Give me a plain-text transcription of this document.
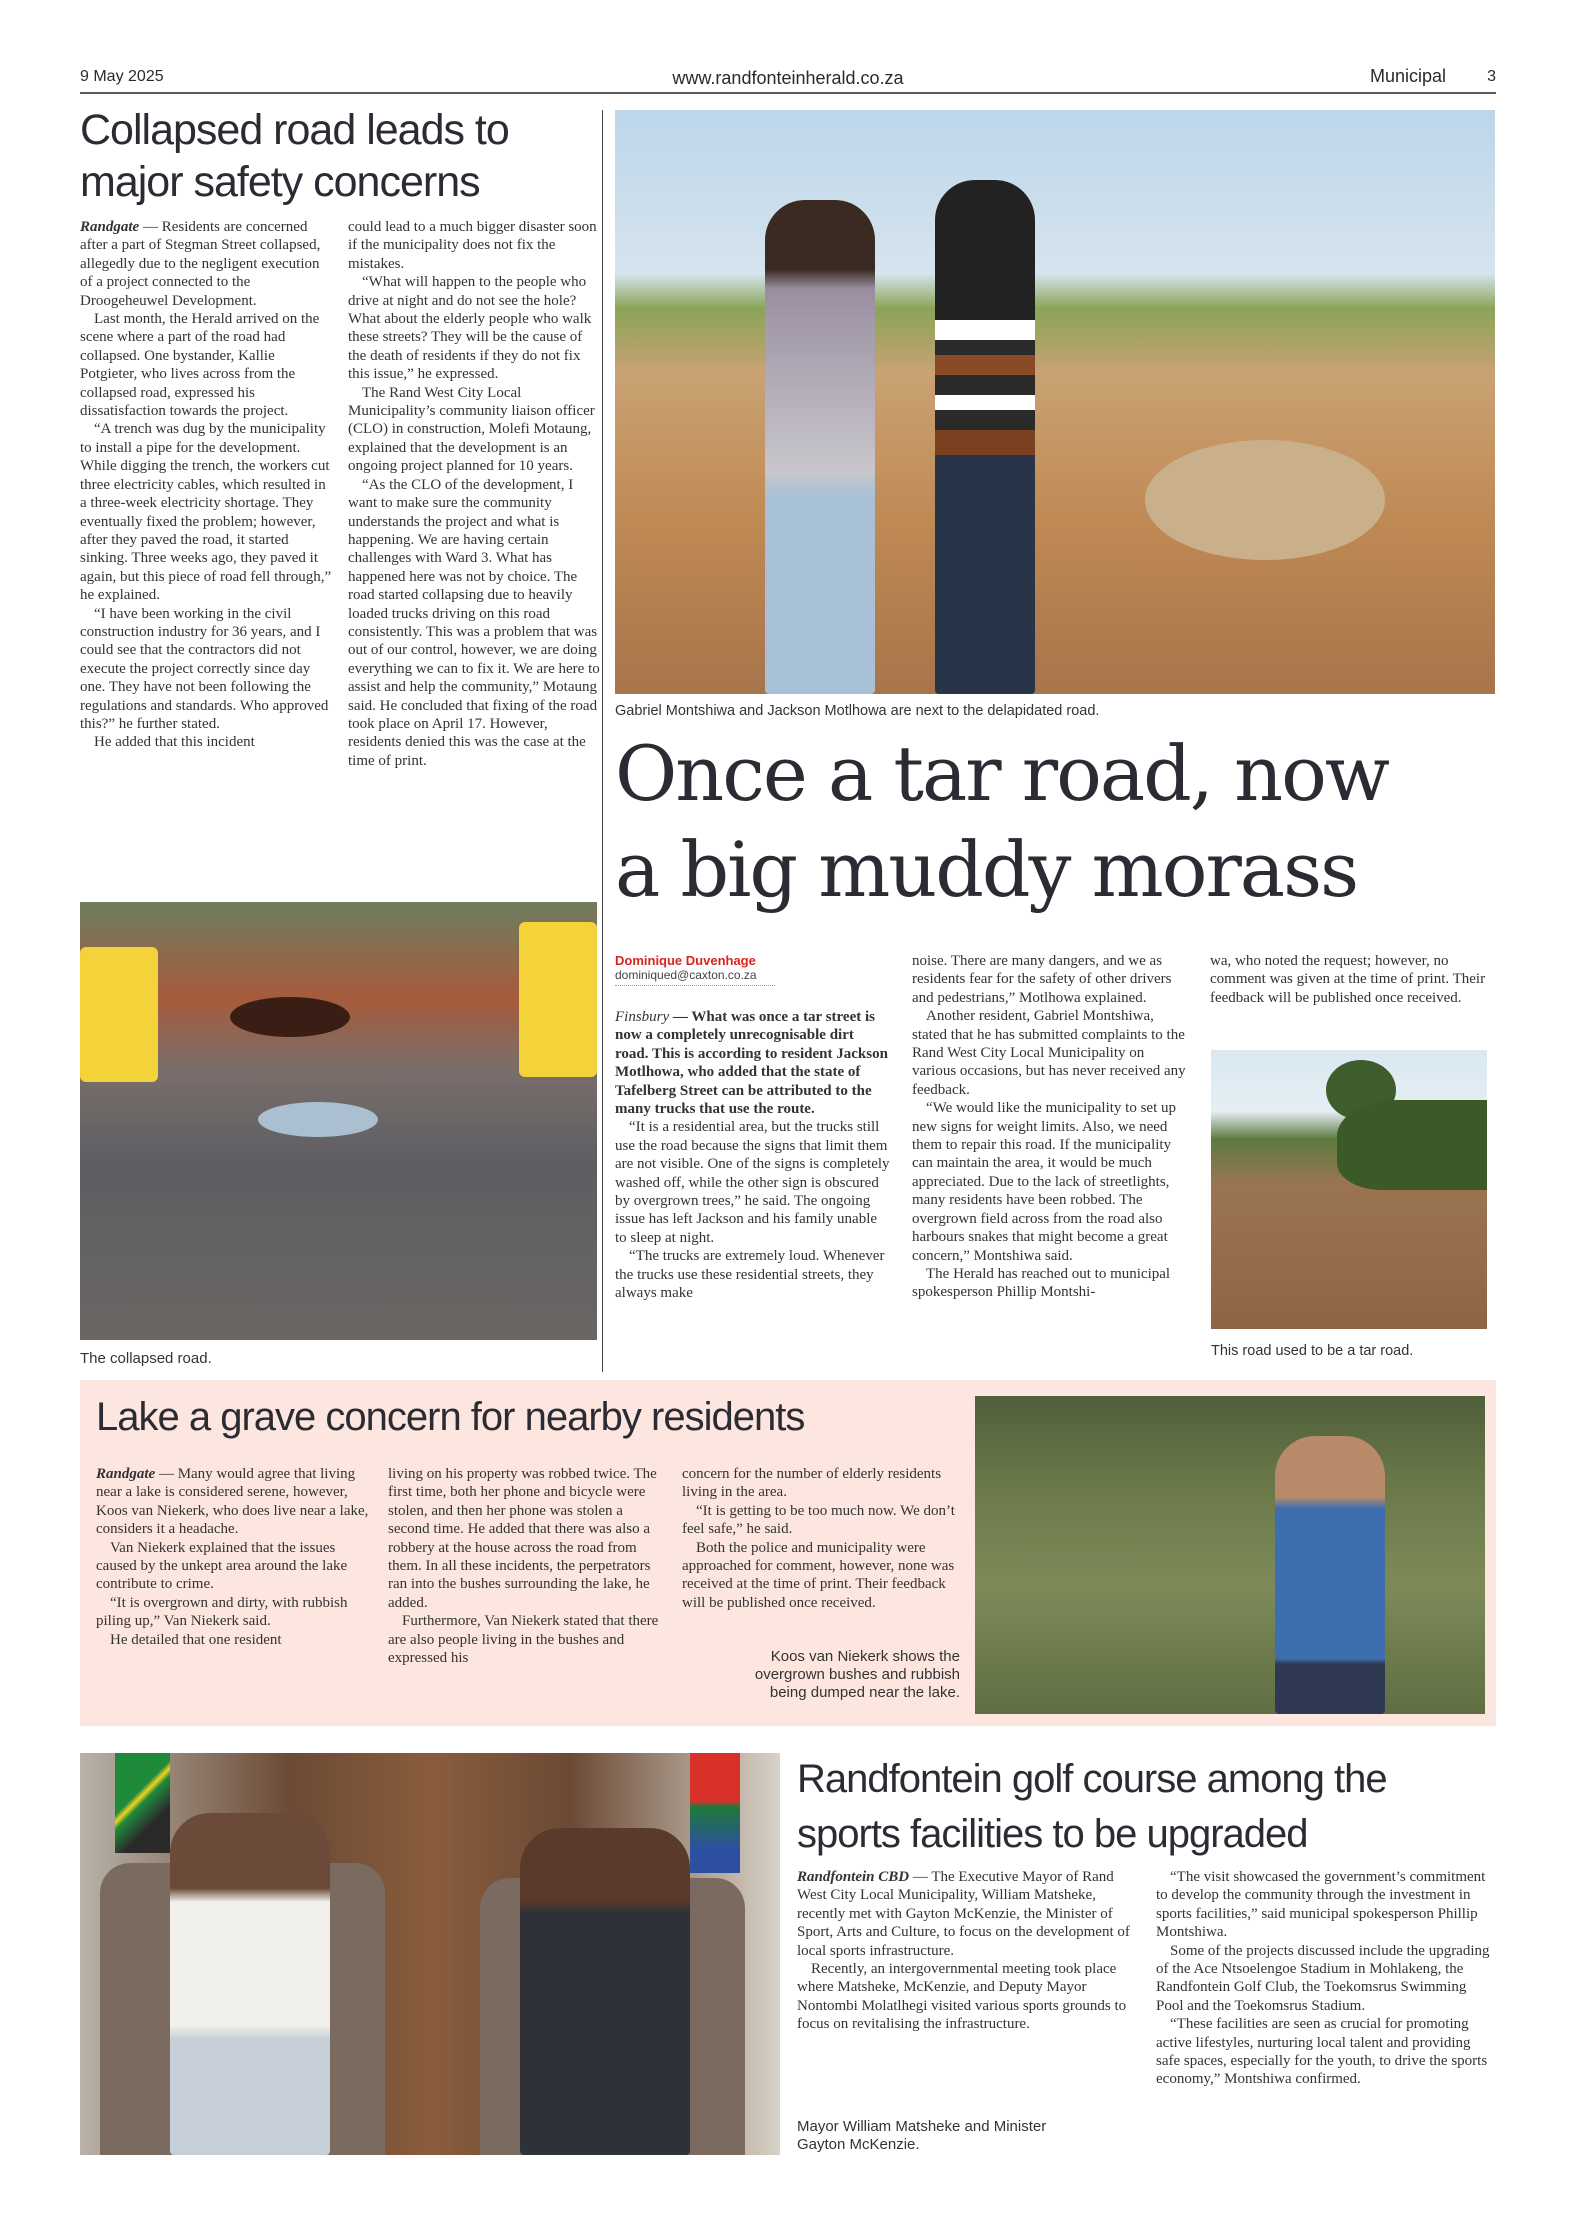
9 May 2025	www.randfonteinherald.co.za	Municipal	3
Collapsed road leads to
major safety concerns

Randgate — Residents are concerned after a part of Stegman Street collapsed, allegedly due to the negligent execution of a project connected to the Droogeheuwel Development.

Last month, the Herald arrived on the scene where a part of the road had collapsed. One bystander, Kallie Potgieter, who lives across from the collapsed road, expressed his dissatisfaction towards the project.

“A trench was dug by the municipality to install a pipe for the development. While digging the trench, the workers cut three electricity cables, which resulted in a three-week electricity shortage. They eventually fixed the problem; however, after they paved the road, it started sinking. Three weeks ago, they paved it again, but this piece of road fell through,” he explained.

“I have been working in the civil construction industry for 36 years, and I could see that the contractors did not execute the project correctly since day one. They have not been following the regulations and standards. Who approved this?” he further stated.

He added that this incident

could lead to a much bigger disaster soon if the municipality does not fix the mistakes.

“What will happen to the people who drive at night and do not see the hole? What about the elderly people who walk these streets? They will be the cause of the death of residents if they do not fix this issue,” he expressed.

The Rand West City Local Municipality’s community liaison officer (CLO) in construction, Molefi Motaung, explained that the development is an ongoing project planned for 10 years.

“As the CLO of the development, I want to make sure the community understands the project and what is happening. We are having certain challenges with Ward 3. What has happened here was not by choice. The road started collapsing due to heavily loaded trucks driving on this road consistently. This was a problem that was out of our control, however, we are doing everything we can to fix it. We are here to assist and help the community,” Motaung said. He concluded that fixing of the road took place on April 17. However, residents denied this was the case at the time of print.

The collapsed road.
Gabriel Montshiwa and Jackson Motlhowa are next to the delapidated road.
Once a tar road, now
a big muddy morass
Dominique Duvenhage
dominiqued@caxton.co.za

Finsbury — What was once a tar street is now a completely unrecognisable dirt road. This is according to resident Jackson Motlhowa, who added that the state of Tafelberg Street can be attributed to the many trucks that use the route.

“It is a residential area, but the trucks still use the road because the signs that limit them are not visible. One of the signs is completely washed off, while the other sign is obscured by overgrown trees,” he said. The ongoing issue has left Jackson and his family unable to sleep at night.

“The trucks are extremely loud. Whenever the trucks use these residential streets, they always make

noise. There are many dangers, and we as residents fear for the safety of other drivers and pedestrians,” Motlhowa explained.

Another resident, Gabriel Montshiwa, stated that he has submitted complaints to the Rand West City Local Municipality on various occasions, but has never received any feedback.

“We would like the municipality to set up new signs for weight limits. Also, we need them to repair this road. If the municipality can maintain the area, it would be much appreciated. Due to the lack of streetlights, many residents have been robbed. The overgrown field across from the road also harbours snakes that might become a great concern,” Montshiwa said.

The Herald has reached out to municipal spokesperson Phillip Montshi-

wa, who noted the request; however, no comment was given at the time of print. Their feedback will be published once received.

This road used to be a tar road.
Lake a grave concern for nearby residents

Randgate — Many would agree that living near a lake is considered serene, however, Koos van Niekerk, who does live near a lake, considers it a headache.

Van Niekerk explained that the issues caused by the unkept area around the lake contribute to crime.

“It is overgrown and dirty, with rubbish piling up,” Van Niekerk said.

He detailed that one resident

living on his property was robbed twice. The first time, both her phone and bicycle were stolen, and then her phone was stolen a second time. He added that there was also a robbery at the house across the road from them. In all these incidents, the perpetrators ran into the bushes surrounding the lake, he added.

Furthermore, Van Niekerk stated that there are also people living in the bushes and expressed his

concern for the number of elderly residents living in the area.

“It is getting to be too much now. We don’t feel safe,” he said.

Both the police and municipality were approached for comment, however, none was received at the time of print. Their feedback will be published once received.

Koos van Niekerk shows the overgrown bushes and rubbish being dumped near the lake.
Randfontein golf course among the
sports facilities to be upgraded

Randfontein CBD — The Executive Mayor of Rand West City Local Municipality, William Matsheke, recently met with Gayton McKenzie, the Minister of Sport, Arts and Culture, to focus on the development of local sports infrastructure.

Recently, an intergovernmental meeting took place where Matsheke, McKenzie, and Deputy Mayor Nontombi Molatlhegi visited various sports grounds to focus on revitalising the infrastructure.

Mayor William Matsheke and Minister Gayton McKenzie.

“The visit showcased the government’s commitment to develop the community through the investment in sports facilities,” said municipal spokesperson Phillip Montshiwa.

Some of the projects discussed include the upgrading of the Ace Ntsoelengoe Stadium in Mohlakeng, the Randfontein Golf Club, the Toekomsrus Swimming Pool and the Toekomsrus Stadium.

“These facilities are seen as crucial for promoting active lifestyles, nurturing local talent and providing safe spaces, especially for the youth, to drive the sports economy,” Montshiwa confirmed.
